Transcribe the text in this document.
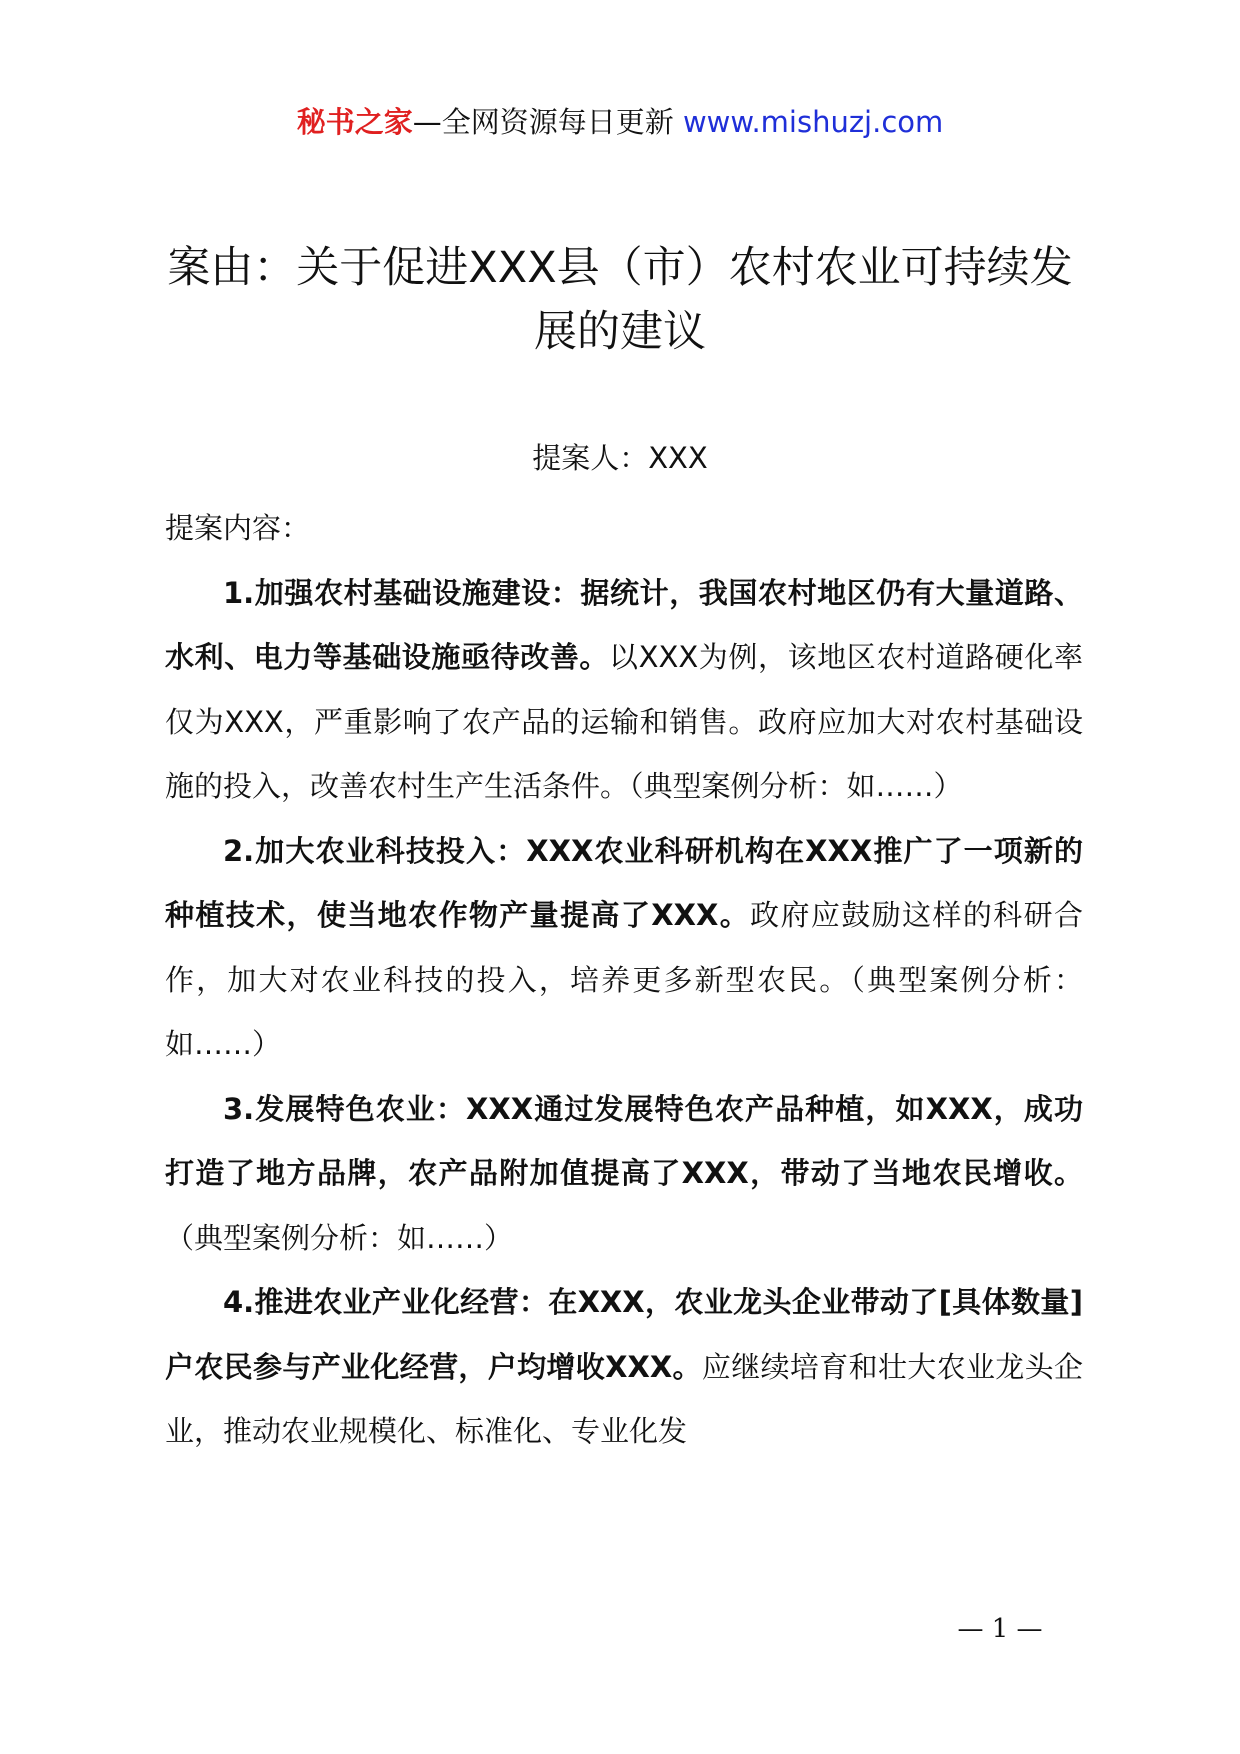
秘书之家—全网资源每日更新 www.mishuzj.com
案由：关于促进XXX县（市）农村农业可持续发展的建议
提案人：XXX

提案内容：

1.加强农村基础设施建设：据统计，我国农村地区仍有大量道路、水利、电力等基础设施亟待改善。以XXX为例，该地区农村道路硬化率仅为XXX，严重影响了农产品的运输和销售。政府应加大对农村基础设施的投入，改善农村生产生活条件。（典型案例分析：如……）

2.加大农业科技投入：XXX农业科研机构在XXX推广了一项新的种植技术，使当地农作物产量提高了XXX。政府应鼓励这样的科研合作，加大对农业科技的投入，培养更多新型农民。（典型案例分析：如……）

3.发展特色农业：XXX通过发展特色农产品种植，如XXX，成功打造了地方品牌，农产品附加值提高了XXX，带动了当地农民增收。（典型案例分析：如……）

4.推进农业产业化经营：在XXX，农业龙头企业带动了[具体数量]户农民参与产业化经营，户均增收XXX。应继续培育和壮大农业龙头企业，推动农业规模化、标准化、专业化发

— 1 —
